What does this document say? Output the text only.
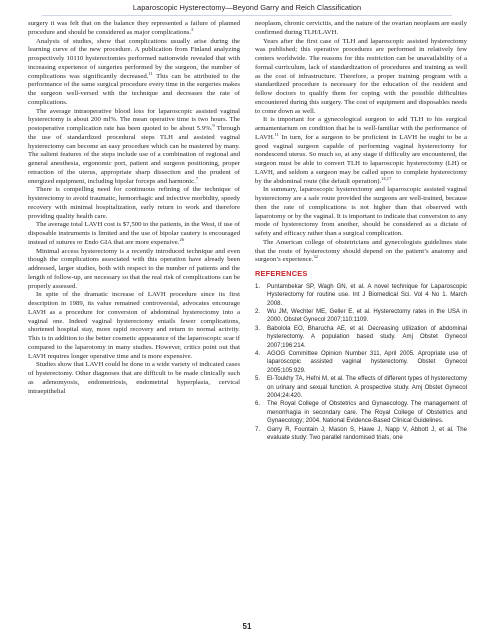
Laparoscopic Hysterectomy—Beyond Garry and Reich Classification

surgery it was felt that on the balance they represented a failure of planned procedure and should be considered as major complications.$^3$

Analysis of studies, show that complications usually arise during the learning curve of the new procedure. A publication from Finland analyzing prospectively 10110 hysterectomies performed nationwide revealed that with increasing experience of surgeries performed by the surgeon, the number of complications was significantly decreased.$^{11}$ This can be attributed to the performance of the same surgical procedure every time in the surgeries makes the surgeon well-versed with the technique and decreases the rate of complications.

The average intraoperative blood loss for laparoscopic assisted vaginal hysterectomy is about 200 ml%. The mean operative time is two hours. The postoperative complication rate has been quoted to be about 5.9%.$^9$ Through the use of standardized procedural steps TLH and assisted vaginal hysterectomy can become an easy procedure which can be mastered by many. The salient features of the steps include use of a combination of regional and general anesthesia, ergonomic port, patient and surgeon positioning, proper retraction of the uterus, appropriate sharp dissection and the prudent of energized equipment, including bipolar forceps and harmonic.$^7$

There is compelling need for continuous refining of the technique of hysterectomy to avoid traumatic, hemorrhagic and infective morbidity, speedy recovery with minimal hospitalization, early return to work and therefore providing quality health care.

The average total LAVH cost is $7,500 to the patients, in the West, if use of disposable instruments is limited and the use of bipolar cautery is encouraged instead of sutures or Endo GIA that are more expensive.$^{26}$

Minimal access hysterectomy is a recently introduced technique and even though the complications associated with this operation have already been addressed, larger studies, both with respect to the number of patients and the length of follow-up, are necessary so that the real risk of complications can be properly assessed.

In spite of the dramatic increase of LAVH procedure since its first description in 1989, its value remained controversial, advocates encourage LAVH as a procedure for conversion of abdominal hysterectomy into a vaginal one. Indeed vaginal hysterectomy entails fewer complications, shortened hospital stay, more rapid recovery and return to normal activity. This is in addition to the better cosmetic appearance of the laparoscopic scar if compared to the laparotomy in many studies. However, critics point out that LAVH requires longer operative time and is more expensive.

Studies show that LAVH could be done in a wide variety of indicated cases of hysterectomy. Other diagnoses that are difficult to be made clinically such as adenomyosis, endometriosis, endometrial hyperplasia, cervical intraepithelial

neoplasm, chronic cervicitis, and the nature of the ovarian neoplasm are easily confirmed during TLH/LAVH.

Years after the first case of TLH and laparoscopic assisted hysterectomy was published; this operative procedures are performed in relatively few centers worldwide. The reasons for this restriction can be unavailability of a formal curriculum, lack of standardization of procedures and training as well as the cost of infrastructure. Therefore, a proper training program with a standardized procedure is necessary for the education of the resident and fellow doctors to qualify them for coping with the possible difficulties encountered during this surgery. The cost of equipment and disposables needs to come down as well.

It is important for a gynecological surgeon to add TLH to his surgical armamentarium on condition that he is well-familiar with the performance of LAVH.$^{11}$ In turn, for a surgeon to be proficient in LAVH he ought to be a good vaginal surgeon capable of performing vaginal hysterectomy for nondescend uterus. So much so, at any stage if difficulty are encountered, the surgeon must be able to convert TLH to laparoscopic hysterectomy (LH) or LAVH, and seldom a surgeon may be called upon to complete hysterectomy by the abdominal route (the default operation).$^{14,17}$

In summary, laparoscopic hysterectomy and laparoscopic assisted vaginal hysterectomy are a safe route provided the surgeons are well-trained, because then the rate of complications is not higher than that observed with laparotomy or by the vaginal. It is important to indicate that conversion to any mode of hysterectomy from another, should be considered as a dictate of safety and efficacy rather than a surgical complication.

The American college of obstetricians and gynecologists guidelines state that the route of hysterectomy should depend on the patient’s anatomy and surgeon’s experience.$^{32}$

REFERENCES
1. Puntambekar SP, Wagh GN, et al. A novel technique for Laparoscopic Hysterectomy for routine use. Int J Biomedical Sci. Vol 4 No 1. March 2008.
2. Wu JM, Wechter ME, Geller E, et al. Hysterectomy rates in the USA in 2000. Obstet Gynecol 2007;110:1109.
3. Babolola EO, Bharucha AE, et al. Decreasing utilization of abdominal hysterectomy. A population based study. Amj Obstet Gynecol 2007;196:214.
4. AGOG Committee Opinion Number 311, April 2005. Apropriate use of laparoscopic assisted vaginal hysterectomy. Obstet Gynecol 2005;105:929.
5. El-Toukhy TA, Hefni M, et al. The effects of different types of hysterectomy on urinary and sexual function. A prospective study. Amj Obstet Gynecol 2004;24:420.
6. The Royal College of Obstetrics and Gynaecology. The management of menorrhagia in secondary care. The Royal College of Obstetrics and Gynaecology; 2004. National Evidence-Based Clinical Guidelines.
7. Garry R, Fountain J, Mason S, Hawe J, Napp V, Abbott J, et al. The evaluate study: Two parallel randomised trials, one
51
